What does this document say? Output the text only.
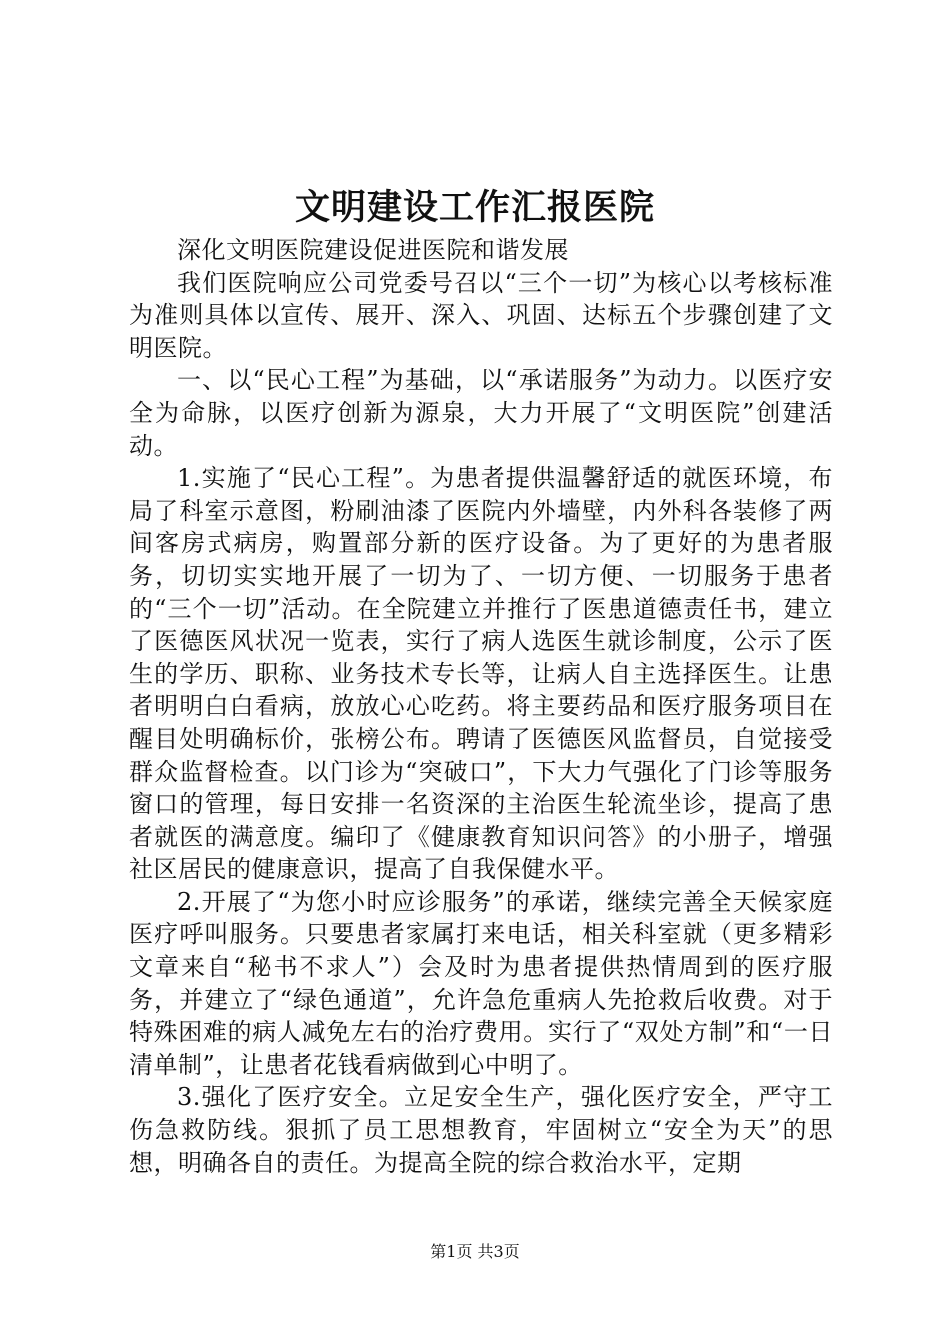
文明建设工作汇报医院

深化文明医院建设促进医院和谐发展

我们医院响应公司党委号召以“三个一切”为核心以考核标准为准则具体以宣传、展开、深入、巩固、达标五个步骤创建了文明医院。

一、以“民心工程”为基础，以“承诺服务”为动力。以医疗安全为命脉，以医疗创新为源泉，大力开展了“文明医院”创建活动。

1.实施了“民心工程”。为患者提供温馨舒适的就医环境，布局了科室示意图，粉刷油漆了医院内外墙壁，内外科各装修了两间客房式病房，购置部分新的医疗设备。为了更好的为患者服务，切切实实地开展了一切为了、一切方便、一切服务于患者的“三个一切”活动。在全院建立并推行了医患道德责任书，建立了医德医风状况一览表，实行了病人选医生就诊制度，公示了医生的学历、职称、业务技术专长等，让病人自主选择医生。让患者明明白白看病，放放心心吃药。将主要药品和医疗服务项目在醒目处明确标价，张榜公布。聘请了医德医风监督员，自觉接受群众监督检查。以门诊为“突破口”，下大力气强化了门诊等服务窗口的管理，每日安排一名资深的主治医生轮流坐诊，提高了患者就医的满意度。编印了《健康教育知识问答》的小册子，增强社区居民的健康意识，提高了自我保健水平。

2.开展了“为您小时应诊服务”的承诺，继续完善全天候家庭医疗呼叫服务。只要患者家属打来电话，相关科室就（更多精彩文章来自“秘书不求人”）会及时为患者提供热情周到的医疗服务，并建立了“绿色通道”，允许急危重病人先抢救后收费。对于特殊困难的病人减免左右的治疗费用。实行了“双处方制”和“一日清单制”，让患者花钱看病做到心中明了。

3.强化了医疗安全。立足安全生产，强化医疗安全，严守工伤急救防线。狠抓了员工思想教育，牢固树立“安全为天”的思想，明确各自的责任。为提高全院的综合救治水平，定期

第1页 共3页
